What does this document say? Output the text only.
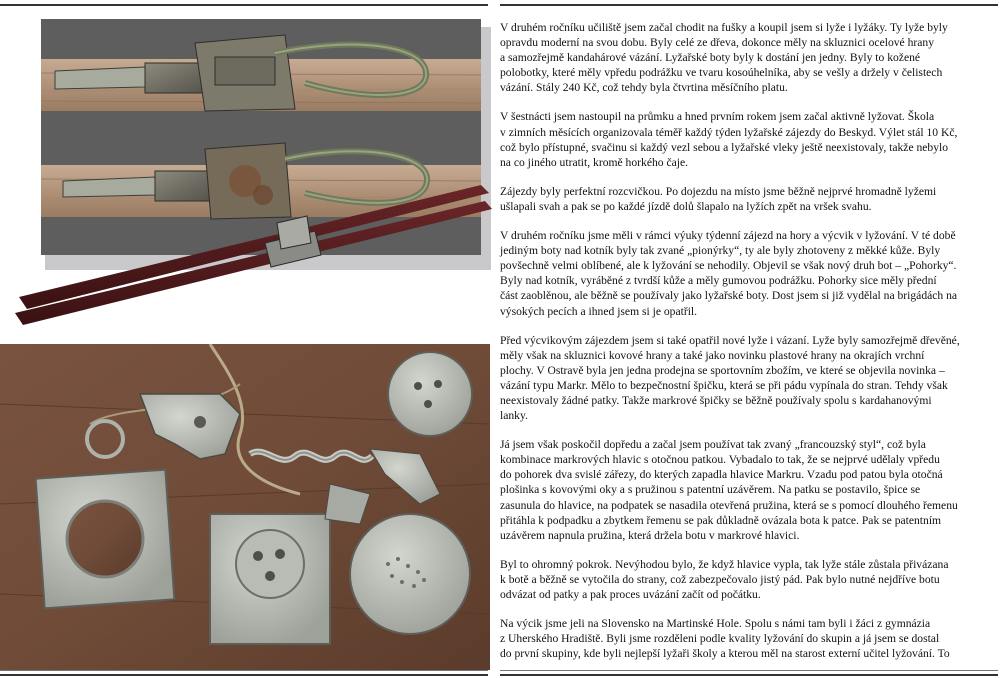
V druhém ročníku učiliště jsem začal chodit na fušky a koupil jsem si lyže i lyžáky. Ty lyže byly
opravdu moderní na svou dobu. Byly celé ze dřeva, dokonce měly na skluznici ocelové hrany
a samozřejmě kandahárové vázání. Lyžařské boty byly k dostání jen jedny. Byly to kožené
polobotky, které měly vpředu podrážku ve tvaru kosoúhelníka, aby se vešly a držely v čelistech
vázání. Stály 240 Kč, což tehdy byla čtvrtina měsíčního platu.

V šestnácti jsem nastoupil na průmku a hned prvním rokem jsem začal aktivně lyžovat. Škola
v zimních měsících organizovala téměř každý týden lyžařské zájezdy do Beskyd. Výlet stál 10 Kč,
což bylo přístupné, svačinu si každý vezl sebou a lyžařské vleky ještě neexistovaly, takže nebylo
na co jiného utratit, kromě horkého čaje.

Zájezdy byly perfektní rozcvičkou. Po dojezdu na místo jsme běžně nejprvé hromadně lyžemi
ušlapali svah a pak se po každé jízdě dolů šlapalo na lyžích zpět na vršek svahu.

V druhém ročníku jsme měli v rámci výuky týdenní zájezd na hory a výcvik v lyžování. V té době
jediným boty nad kotník byly tak zvané „pionýrky“, ty ale byly zhotoveny z měkké kůže. Byly
povšechně velmi oblíbené, ale k lyžování se nehodily. Objevil se však nový druh bot – „Pohorky“.
Byly nad kotník, vyráběné z tvrdší kůže a měly gumovou podrážku. Pohorky sice měly přední
část zaoblěnou, ale běžně se používaly jako lyžařské boty. Dost jsem si již vydělal na brigádách na
výsokých pecích a ihned jsem si je opatřil.

Před výcvikovým zájezdem jsem si také opatřil nové lyže i vázaní. Lyže byly samozřejmě dřevěné,
měly však na skluznici kovové hrany a také jako novinku plastové hrany na okrajích vrchní
plochy. V Ostravě byla jen jedna prodejna se sportovním zbožím, ve které se objevila novinka –
vázání typu Markr. Mělo to bezpečnostní špičku, která se při pádu vypínala do stran. Tehdy však
neexistovaly žádné patky. Takže markrové špičky se běžně používaly spolu s kardahanovými
lanky.

Já jsem však poskočil dopředu a začal jsem používat tak zvaný „francouzský styl“, což byla
kombinace markrových hlavic s otočnou patkou. Vybadalo to tak, že se nejprvé udělaly vpředu
do pohorek dva svislé zářezy, do kterých zapadla hlavice Markru. Vzadu pod patou byla otočná
plošinka s kovovými oky a s pružinou s patentní uzávěrem. Na patku se postavilo, špice se
zasunula do hlavice, na podpatek se nasadila otevřená pružina, která se s pomocí dlouhého řemenu
přitáhla k podpadku a zbytkem řemenu se pak důkladně ovázala bota k patce. Pak se patentním
uzávěrem napnula pružina, která držela botu v markrové hlavici.

Byl to ohromný pokrok. Nevýhodou bylo, že když hlavice vypla, tak lyže stále zůstala přivázana
k botě a běžně se vytočila do strany, což zabezpečovalo jistý pád. Pak bylo nutné nejdříve botu
odvázat od patky a pak proces uvázání začít od počátku.

Na výcik jsme jeli na Slovensko na Martinské Hole. Spolu s námi tam byli i žáci z gymnázia
z Uherského Hradiště. Byli jsme rozděleni podle kvality lyžování do skupin a já jsem se dostal
do první skupiny, kde byli nejlepší lyžaři školy a kterou měl na starost externí učitel lyžování. To
